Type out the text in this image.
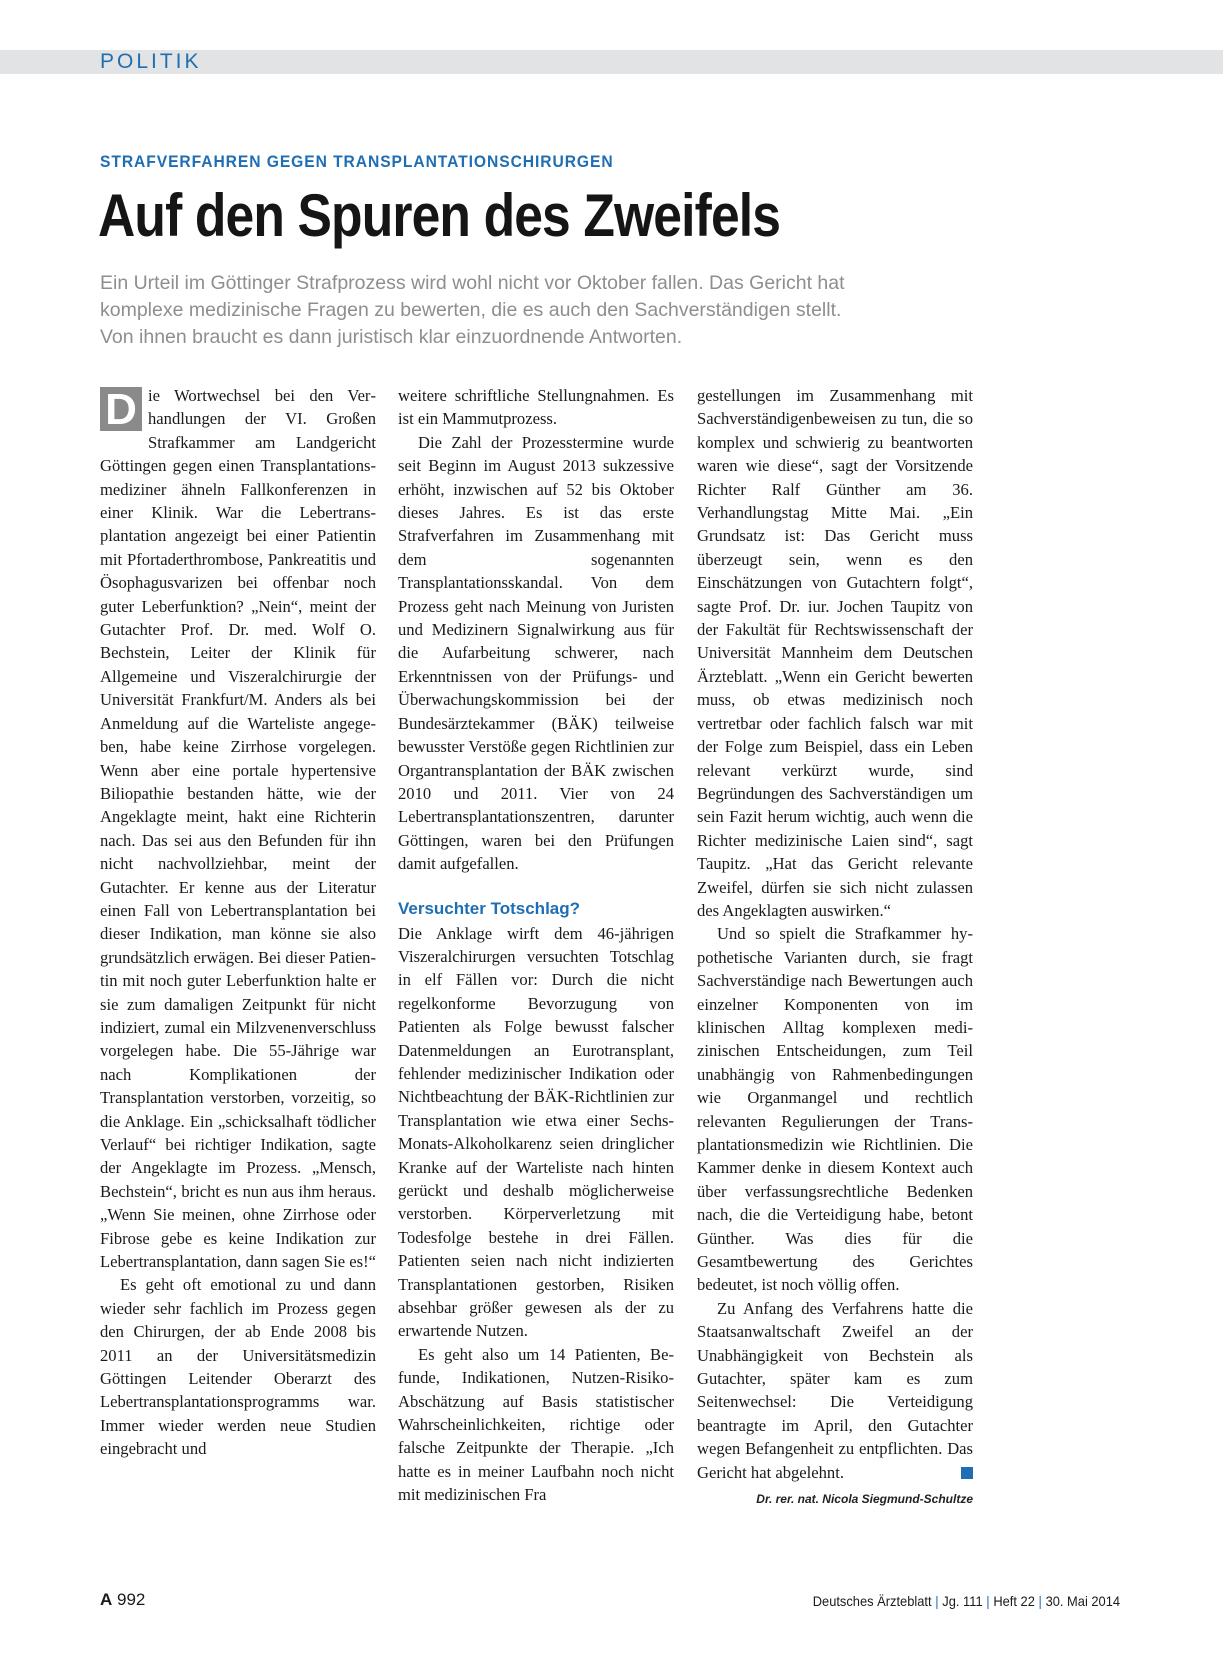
POLITIK
STRAFVERFAHREN GEGEN TRANSPLANTATIONSCHIRURGEN
Auf den Spuren des Zweifels
Ein Urteil im Göttinger Strafprozess wird wohl nicht vor Oktober fallen. Das Gericht hat
komplexe medizinische Fragen zu bewerten, die es auch den Sachverständigen stellt.
Von ihnen braucht es dann juristisch klar einzuordnende Antworten.

D ie Wortwechsel bei den Verhandlungen der VI. Großen Strafkammer am Landgericht Göttingen gegen einen Transplantationsmediziner ähneln Fallkonferenzen in einer Klinik. War die Lebertransplantation angezeigt bei einer Patientin mit Pfortaderthrombose, Pankreatitis und Ösophagusvarizen bei offenbar noch guter Leberfunktion? „Nein“, meint der Gutachter Prof. Dr. med. Wolf O. Bechstein, Leiter der Klinik für Allgemeine und Viszeralchirurgie der Universität Frankfurt/M. Anders als bei Anmeldung auf die Warteliste angegeben, habe keine Zirrhose vorgelegen. Wenn aber eine portale hypertensive Biliopathie bestanden hätte, wie der Angeklagte meint, hakt eine Richterin nach. Das sei aus den Befunden für ihn nicht nachvollziehbar, meint der Gutachter. Er kenne aus der Literatur einen Fall von Lebertransplantation bei dieser Indikation, man könne sie also grundsätzlich erwägen. Bei dieser Patientin mit noch guter Leberfunktion halte er sie zum damaligen Zeitpunkt für nicht indiziert, zumal ein Milzvenenverschluss vorgelegen habe. Die 55-Jährige war nach Komplikationen der Transplantation verstorben, vorzeitig, so die Anklage. Ein „schicksalhaft tödlicher Verlauf“ bei richtiger Indikation, sagte der Angeklagte im Prozess. „Mensch, Bechstein“, bricht es nun aus ihm heraus. „Wenn Sie meinen, ohne Zirrhose oder Fibrose gebe es keine Indikation zur Lebertransplantation, dann sagen Sie es!“

Es geht oft emotional zu und dann wieder sehr fachlich im Prozess gegen den Chirurgen, der ab Ende 2008 bis 2011 an der Universitätsmedizin Göttingen Leitender Oberarzt des Lebertransplantationsprogramms war. Immer wieder werden neue Studien eingebracht und

weitere schriftliche Stellungnahmen. Es ist ein Mammutprozess.

Die Zahl der Prozesstermine wurde seit Beginn im August 2013 sukzessive erhöht, inzwischen auf 52 bis Oktober dieses Jahres. Es ist das erste Strafverfahren im Zusammenhang mit dem sogenannten Transplantationsskandal. Von dem Prozess geht nach Meinung von Juristen und Medizinern Signalwirkung aus für die Aufarbeitung schwerer, nach Erkenntnissen von der Prüfungs- und Überwachungskommission bei der Bundesärztekammer (BÄK) teilweise bewusster Verstöße gegen Richtlinien zur Organtransplantation der BÄK zwischen 2010 und 2011. Vier von 24 Lebertransplantationszentren, darunter Göttingen, waren bei den Prüfungen damit aufgefallen.

Versuchter Totschlag?

Die Anklage wirft dem 46-jährigen Viszeralchirurgen versuchten Totschlag in elf Fällen vor: Durch die nicht regelkonforme Bevorzugung von Patienten als Folge bewusst falscher Datenmeldungen an Eurotransplant, fehlender medizinischer Indikation oder Nichtbeachtung der BÄK-Richtlinien zur Transplantation wie etwa einer Sechs-Monats-Alkoholkarenz seien dringlicher Kranke auf der Warteliste nach hinten gerückt und deshalb möglicherweise verstorben. Körperverletzung mit Todesfolge bestehe in drei Fällen. Patienten seien nach nicht indizierten Transplantationen gestorben, Risiken absehbar größer gewesen als der zu erwartende Nutzen.

Es geht also um 14 Patienten, Befunde, Indikationen, Nutzen-Risiko-Abschätzung auf Basis statistischer Wahrscheinlichkeiten, richtige oder falsche Zeitpunkte der Therapie. „Ich hatte es in meiner Laufbahn noch nicht mit medizinischen Fra

gestellungen im Zusammenhang mit Sachverständigenbeweisen zu tun, die so komplex und schwierig zu beantworten waren wie diese“, sagt der Vorsitzende Richter Ralf Günther am 36. Verhandlungstag Mitte Mai. „Ein Grundsatz ist: Das Gericht muss überzeugt sein, wenn es den Einschätzungen von Gutachtern folgt“, sagte Prof. Dr. iur. Jochen Taupitz von der Fakultät für Rechtswissenschaft der Universität Mannheim dem Deutschen Ärzteblatt. „Wenn ein Gericht bewerten muss, ob etwas medizinisch noch vertretbar oder fachlich falsch war mit der Folge zum Beispiel, dass ein Leben relevant verkürzt wurde, sind Begründungen des Sachverständigen um sein Fazit herum wichtig, auch wenn die Richter medizinische Laien sind“, sagt Taupitz. „Hat das Gericht relevante Zweifel, dürfen sie sich nicht zulassen des Angeklagten auswirken.“

Und so spielt die Strafkammer hypothetische Varianten durch, sie fragt Sachverständige nach Bewertungen auch einzelner Komponenten von im klinischen Alltag komplexen medizinischen Entscheidungen, zum Teil unabhängig von Rahmenbedingungen wie Organmangel und rechtlich relevanten Regulierungen der Transplantationsmedizin wie Richtlinien. Die Kammer denke in diesem Kontext auch über verfassungsrechtliche Bedenken nach, die die Verteidigung habe, betont Günther. Was dies für die Gesamtbewertung des Gerichtes bedeutet, ist noch völlig offen.

Zu Anfang des Verfahrens hatte die Staatsanwaltschaft Zweifel an der Unabhängigkeit von Bechstein als Gutachter, später kam es zum Seitenwechsel: Die Verteidigung beantragte im April, den Gutachter wegen Befangenheit zu entpflichten. Das Gericht hat abgelehnt.

Dr. rer. nat. Nicola Siegmund-Schultze
A 992	Deutsches Ärzteblatt | Jg. 111 | Heft 22 | 30. Mai 2014
